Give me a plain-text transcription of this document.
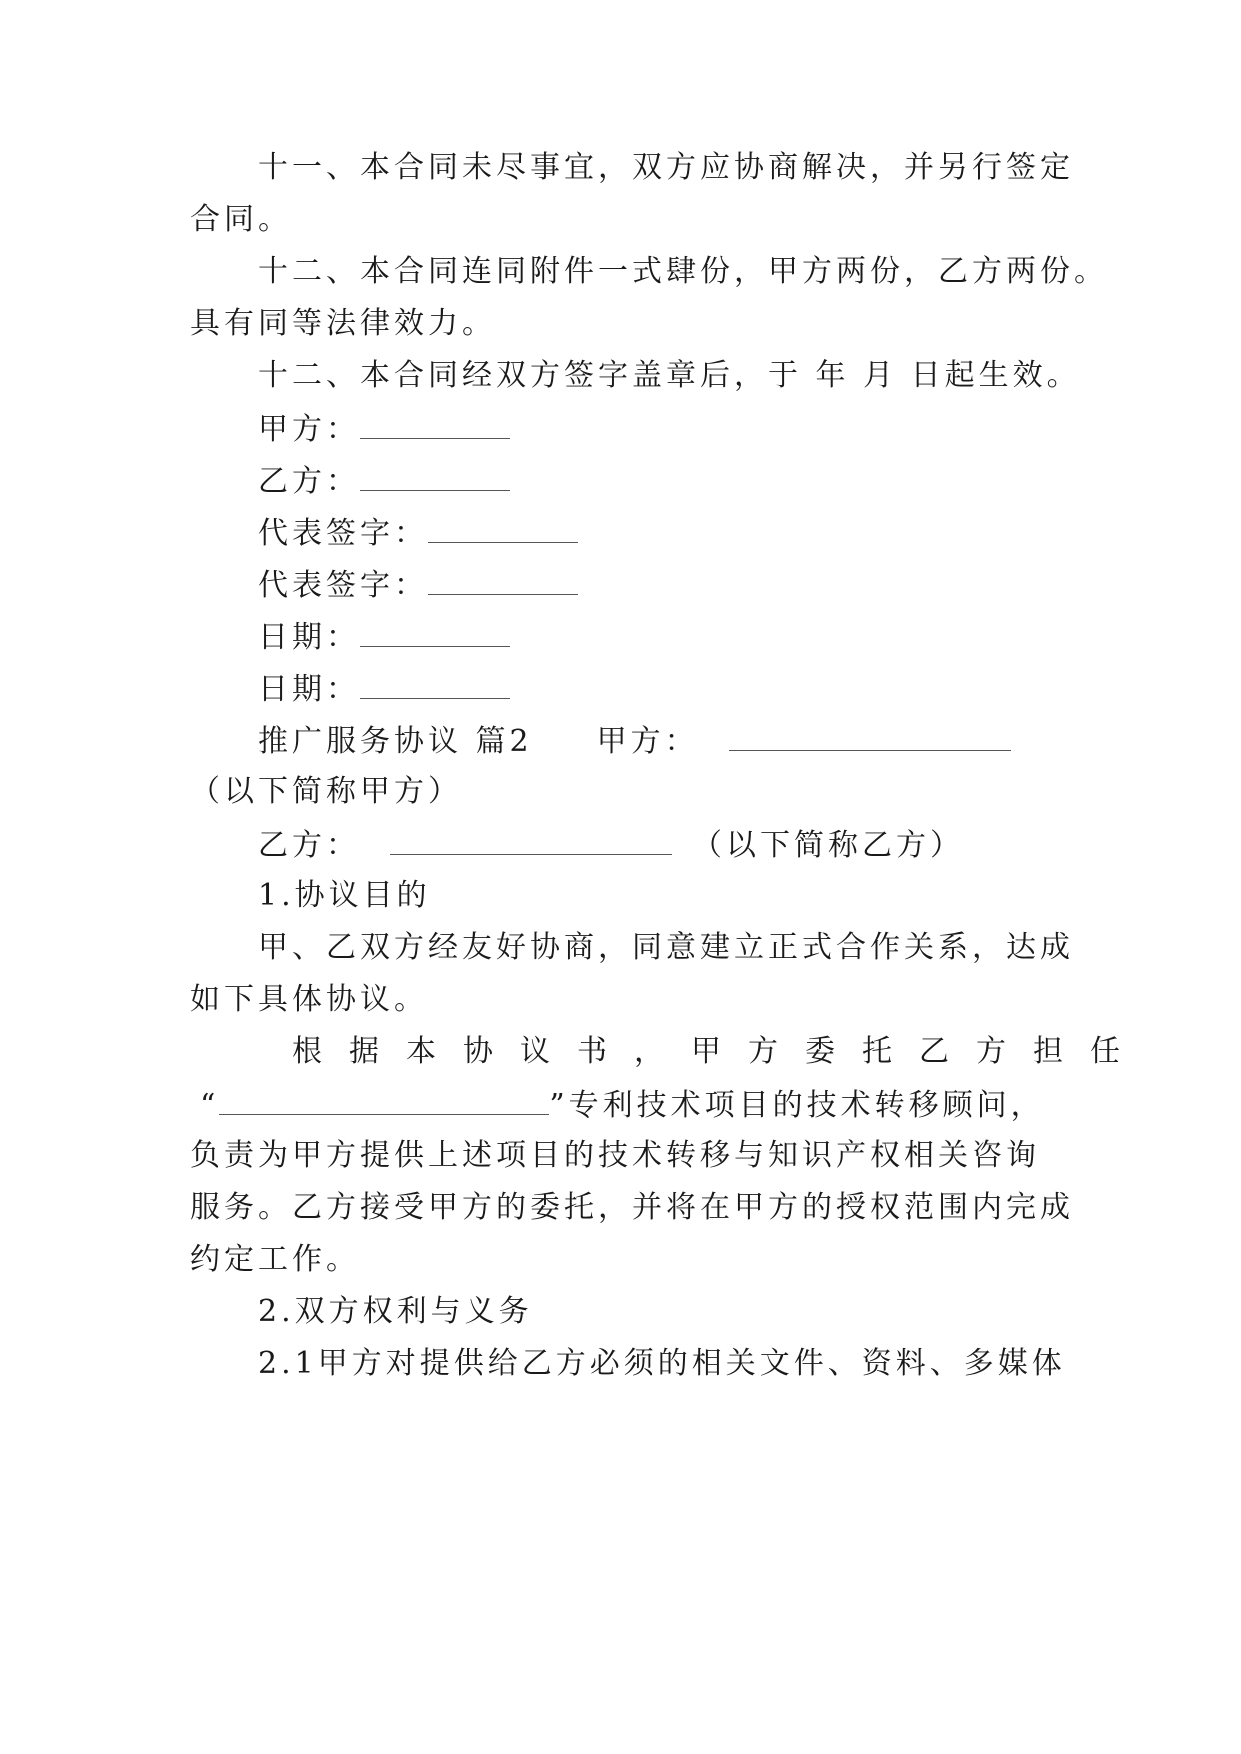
十一、本合同未尽事宜，双方应协商解决，并另行签定
合同。
十二、本合同连同附件一式肆份，甲方两份，乙方两份。
具有同等法律效力。
十二、本合同经双方签字盖章后，于 年 月 日起生效。
甲方：
乙方：
代表签字：
代表签字：
日期：
日期：
推广服务协议 篇2 甲方：
（以下简称甲方）
乙方：	（以下简称乙方）
1.协议目的
甲、乙双方经友好协商，同意建立正式合作关系，达成
如下具体协议。
根据本协议书，甲方委托乙方担任
“	”专利技术项目的技术转移顾问，
负责为甲方提供上述项目的技术转移与知识产权相关咨询
服务。乙方接受甲方的委托，并将在甲方的授权范围内完成
约定工作。
2.双方权利与义务
2.1甲方对提供给乙方必须的相关文件、资料、多媒体
